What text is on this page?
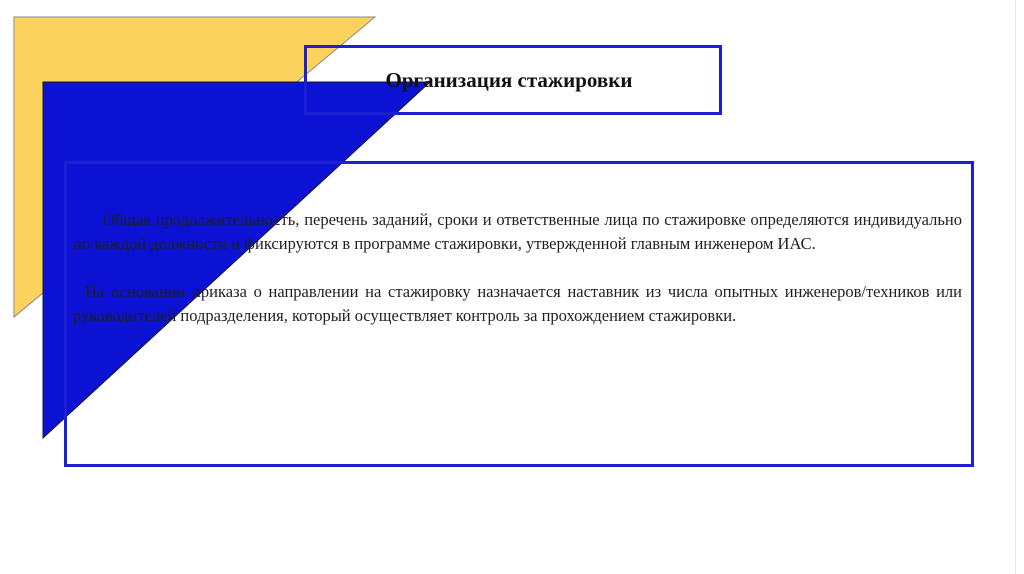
Общая продолжительность, перечень заданий, сроки и ответственные лица по стажировке определяются индивидуально по каждой должности и фиксируются в программе стажировки, утвержденной главным инженером ИАС.

На основании приказа о направлении на стажировку назначается наставник из числа опытных инженеров/техников или руководителей подразделения, который осуществляет контроль за прохождением стажировки.

Организация стажировки
